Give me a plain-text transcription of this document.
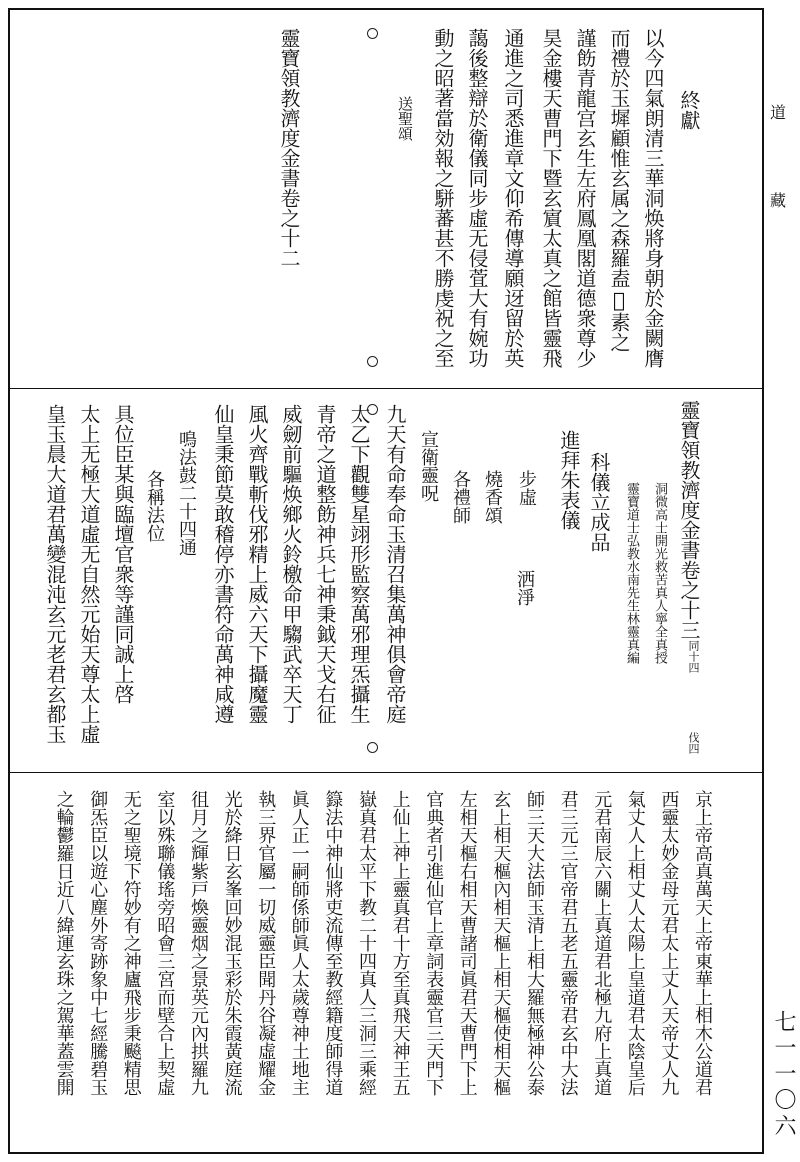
道
藏
七一一〇六
終獻
以今四氣朗清三華洞焕將身朝於金闕膺
而禮於玉墀顧惟玄属之森羅盍𦓁素之
謹飭青龍宫玄生左府鳳凰閣道德衆尊少
昊金樓天曹門下暨玄賔太真之館皆靈飛
通進之司悉進章文仰希傳導願迓留於英
藹後整辯於衛儀同步虛无侵萓大有婉功
動之昭著當効報之駢蕃甚不勝虔祝之至
送聖頌
靈寶領教濟度金書卷之十二
靈寶領教濟度金書卷之十三
洞微高士開光救苦真人寧全真授
靈寶道士弘教水南先生林靈真編
科儀立成品
進拜朱表儀
步虛
洒淨
燒香頌
各禮師
宣衛靈呪
九天有命奉命玉清召集萬神俱會帝庭
太乙下觀雙星翊形監察萬邪理炁攝生
青帝之道整飭神兵七神秉鉞天戈右征
威劒前驅焕鄉火鈴檄命甲騶武卒天丁
風火齊戰斬伐邪精上威六天下攝魔靈
仙皇秉節莫敢稽停亦書符命萬神咸遵
鳴法鼓二十四通
各稱法位
具位臣某與臨壇官衆等謹同誠上啓
太上无極大道虛无自然元始天尊太上虛
皇玉晨大道君萬變混沌玄元老君玄都玉	伐四
同十四
京上帝高真萬天上帝東華上相木公道君
西靈太妙金母元君太上丈人天帝丈人九
氣丈人上相丈人太陽上皇道君太陰皇后
元君南辰六關上真道君北極九府上真道
君三元三官帝君五老五靈帝君玄中大法
師三天大法師玉清上相大羅無極神公泰
玄上相天樞內相天樞上相天樞使相天樞
左相天樞右相天曹諸司眞君天曹門下上
官典者引進仙官上章詞表靈官三天門下
上仙上神上靈真君十方至真飛天神王五
嶽真君太平下教二十四真人三洞三乘經
籙法中神仙將吏流傳至教經籍度師得道
眞人正一嗣師係師眞人太歲尊神土地主
執三界官屬一切威靈臣聞丹谷凝虛耀金
光於絳日玄峯回妙混玉彩於朱霞黃庭流
徂月之輝紫戸煥靈烟之景英元內拱羅九
室以殊聯儀瑤旁昭會三宮而壁合上契虛
无之聖境下符妙有之神廬飛步秉飈精思
御炁臣以遊心塵外寄跡象中七經騰碧玉
之輪鬱羅日近八緯運玄珠之駕華蓋雲開
